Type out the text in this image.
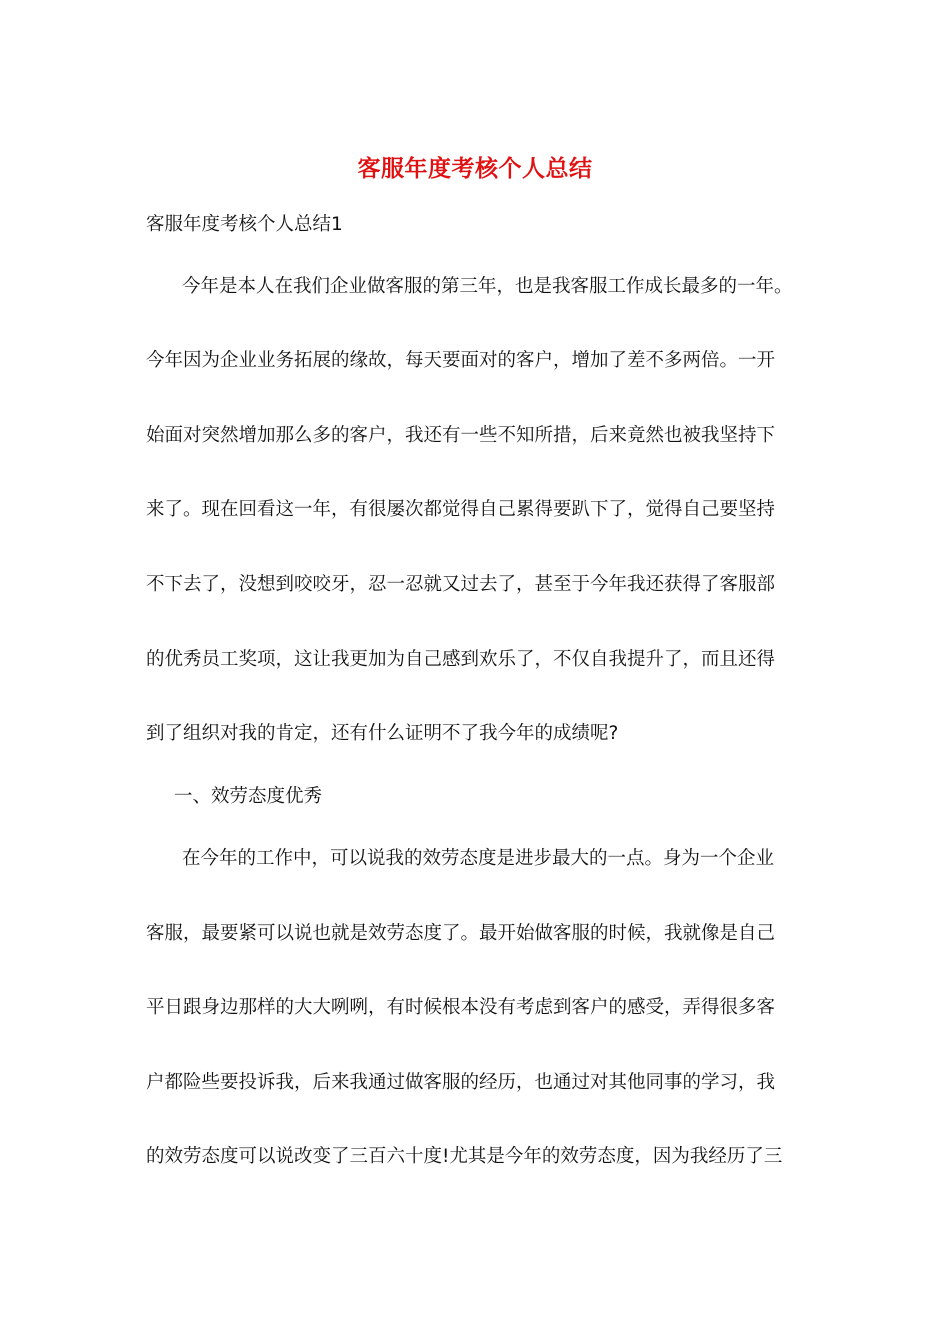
客服年度考核个人总结
客服年度考核个人总结1
今年是本人在我们企业做客服的第三年，也是我客服工作成长最多的一年。
今年因为企业业务拓展的缘故，每天要面对的客户，增加了差不多两倍。一开
始面对突然增加那么多的客户，我还有一些不知所措，后来竟然也被我坚持下
来了。现在回看这一年，有很屡次都觉得自己累得要趴下了，觉得自己要坚持
不下去了，没想到咬咬牙，忍一忍就又过去了，甚至于今年我还获得了客服部
的优秀员工奖项，这让我更加为自己感到欢乐了，不仅自我提升了，而且还得
到了组织对我的肯定，还有什么证明不了我今年的成绩呢?
一、效劳态度优秀
在今年的工作中，可以说我的效劳态度是进步最大的一点。身为一个企业
客服，最要紧可以说也就是效劳态度了。最开始做客服的时候，我就像是自己
平日跟身边那样的大大咧咧，有时候根本没有考虑到客户的感受，弄得很多客
户都险些要投诉我，后来我通过做客服的经历，也通过对其他同事的学习，我
的效劳态度可以说改变了三百六十度!尤其是今年的效劳态度，因为我经历了三
